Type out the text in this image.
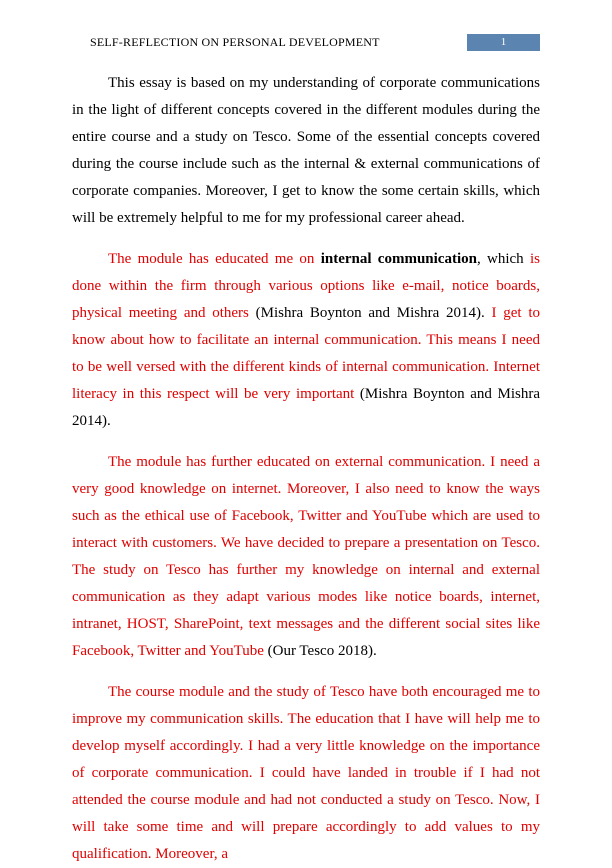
SELF-REFLECTION ON PERSONAL DEVELOPMENT	1

This essay is based on my understanding of corporate communications in the light of different concepts covered in the different modules during the entire course and a study on Tesco. Some of the essential concepts covered during the course include such as the internal & external communications of corporate companies. Moreover, I get to know the some certain skills, which will be extremely helpful to me for my professional career ahead.

The module has educated me on internal communication, which is done within the firm through various options like e-mail, notice boards, physical meeting and others (Mishra Boynton and Mishra 2014). I get to know about how to facilitate an internal communication. This means I need to be well versed with the different kinds of internal communication. Internet literacy in this respect will be very important (Mishra Boynton and Mishra 2014).

The module has further educated on external communication. I need a very good knowledge on internet. Moreover, I also need to know the ways such as the ethical use of Facebook, Twitter and YouTube which are used to interact with customers. We have decided to prepare a presentation on Tesco. The study on Tesco has further my knowledge on internal and external communication as they adapt various modes like notice boards, internet, intranet, HOST, SharePoint, text messages and the different social sites like Facebook, Twitter and YouTube (Our Tesco 2018).

The course module and the study of Tesco have both encouraged me to improve my communication skills. The education that I have will help me to develop myself accordingly. I had a very little knowledge on the importance of corporate communication. I could have landed in trouble if I had not attended the course module and had not conducted a study on Tesco. Now, I will take some time and will prepare accordingly to add values to my qualification. Moreover, a
